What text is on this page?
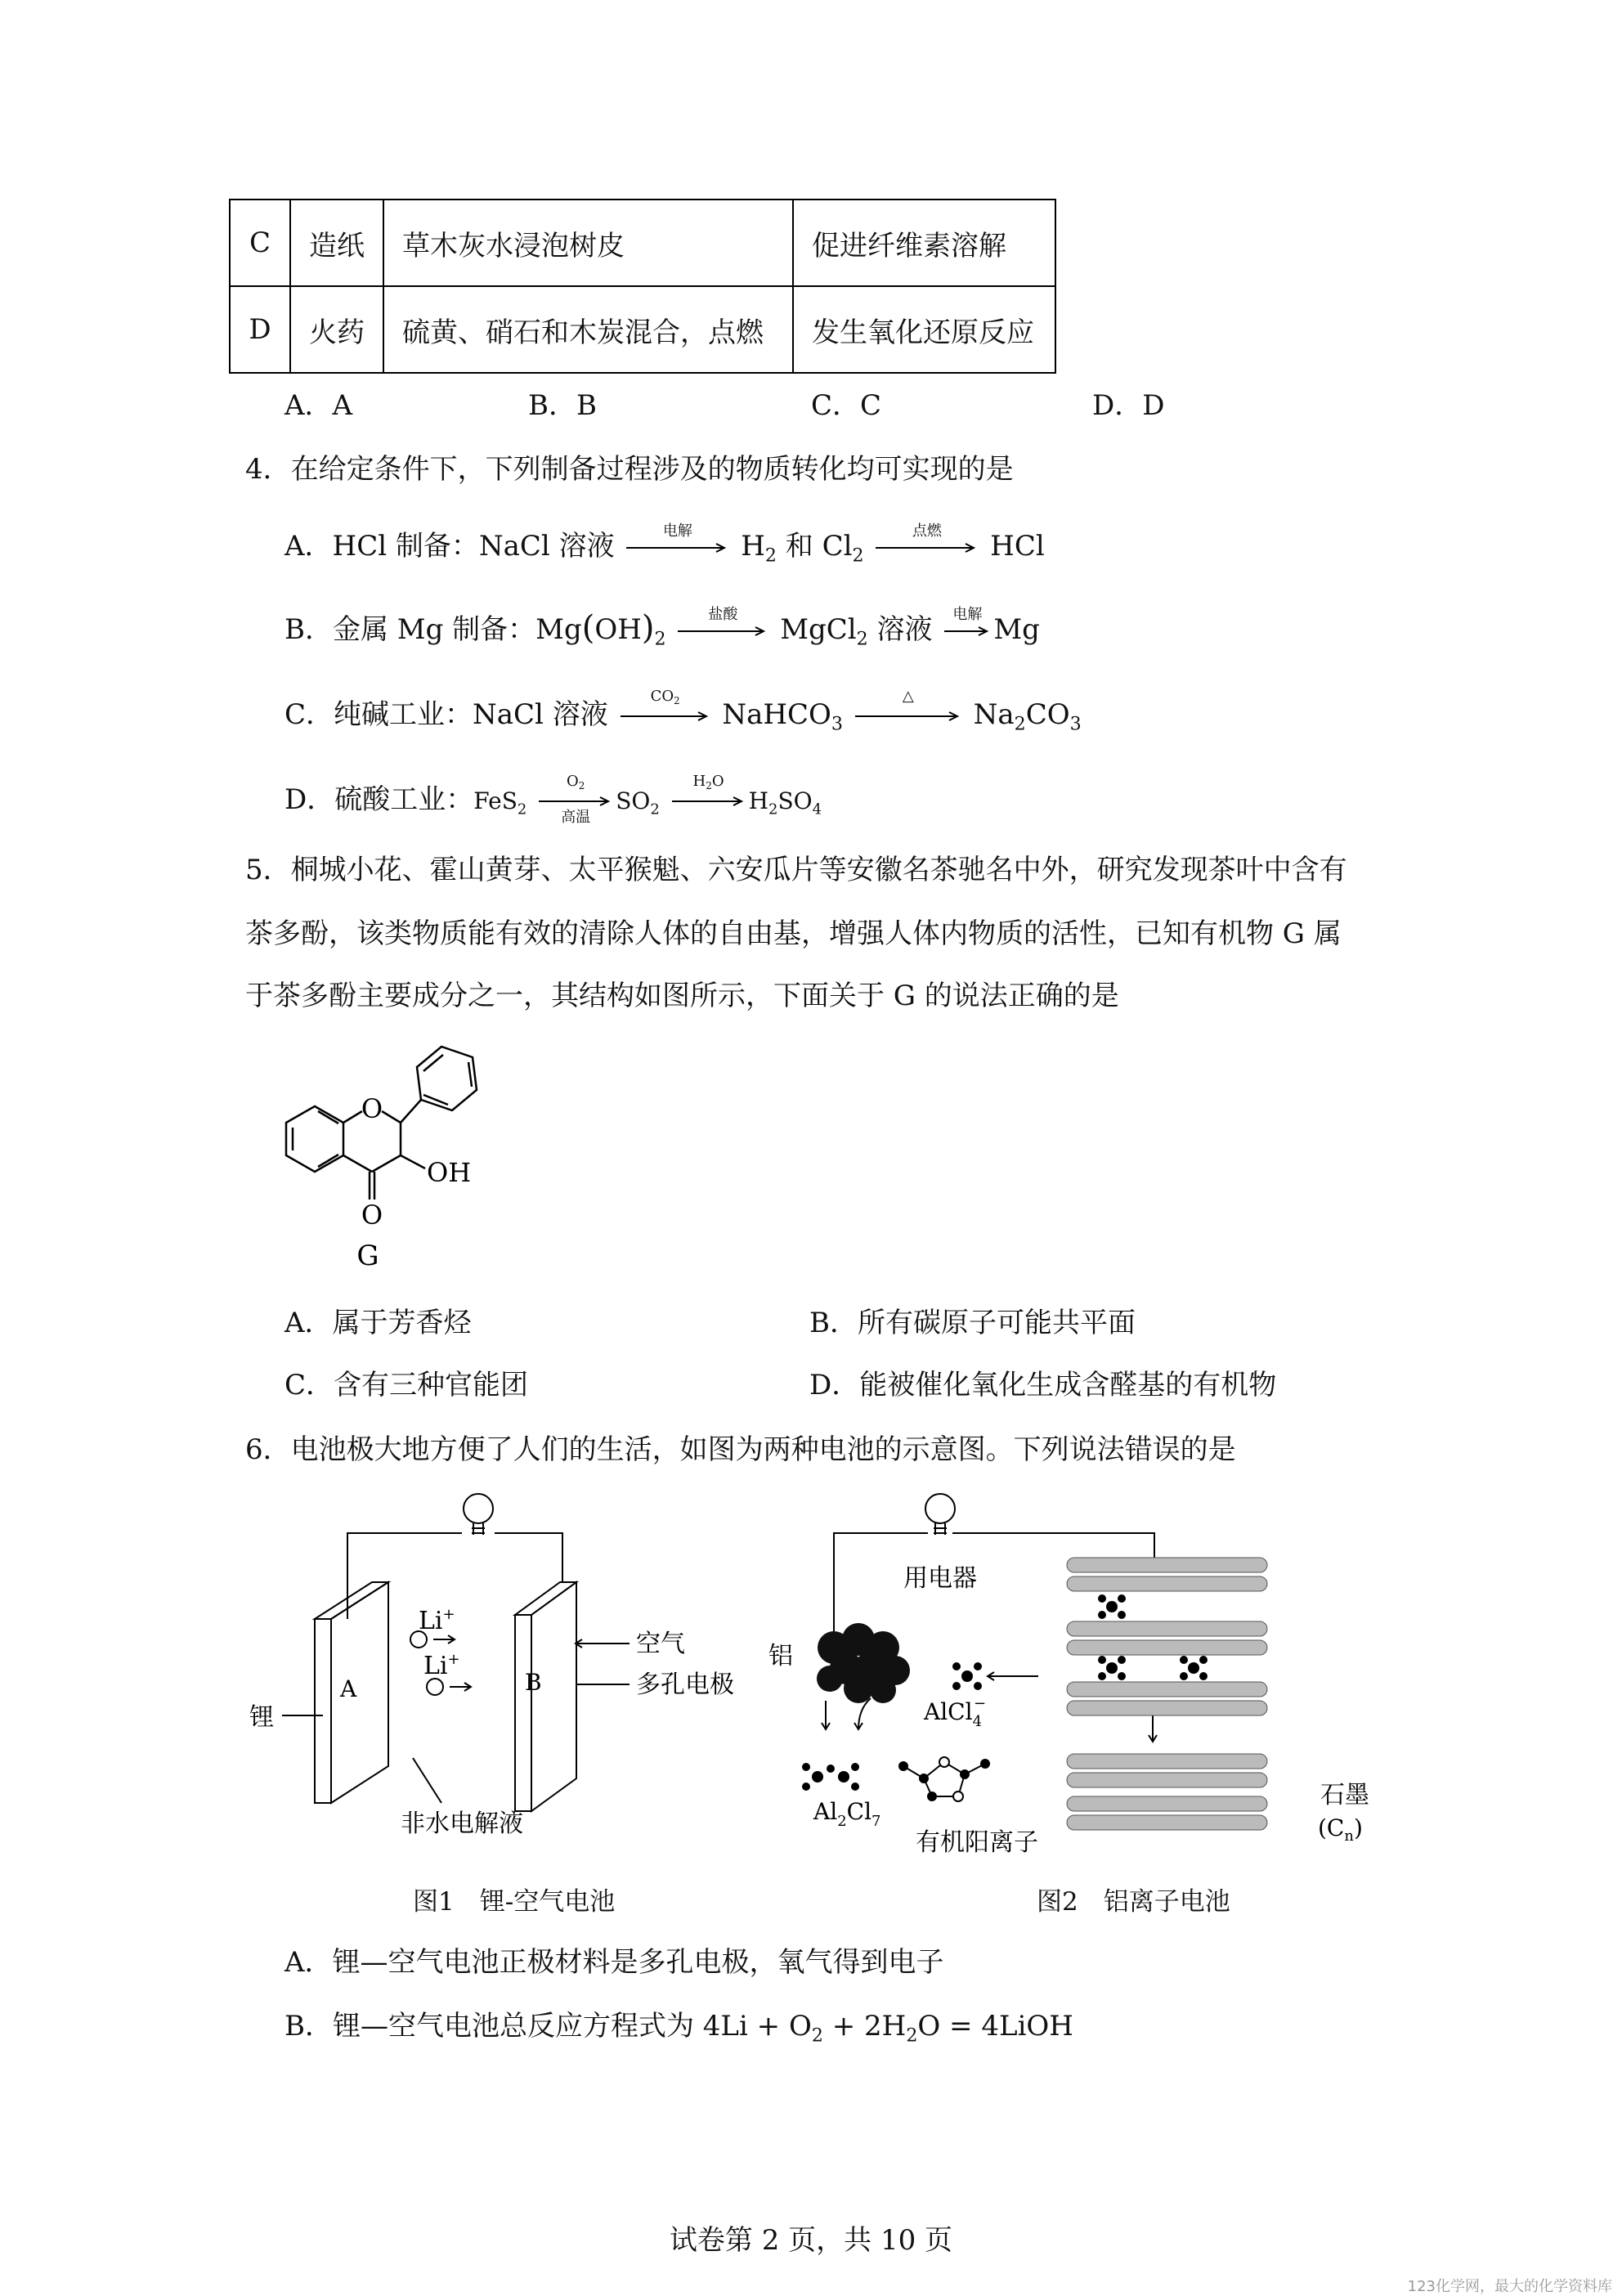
C	造纸	草木灰水浸泡树皮	促进纤维素溶解
D	火药	硫黄、硝石和木炭混合，点燃	发生氧化还原反应
A．A	B．B	C．C	D．D
4．在给定条件下，下列制备过程涉及的物质转化均可实现的是
A．HCl 制备：NaCl 溶液	电解	$H_2$ 和 $Cl_2$
点燃	HCl
B．金属 Mg 制备：$Mg(OH)_2$
盐酸	MgCl$_2$ 溶液	电解 Mg
C．纯碱工业：NaCl 溶液
$CO_2$	NaHCO$_3$
△
$Na_2CO_3$
D．硫酸工业：FeS$_2$
$O_2$
高温
$SO_2$
$H_2O$
$H_2SO_4$
5．桐城小花、霍山黄芽、太平猴魁、六安瓜片等安徽名茶驰名中外，研究发现茶叶中含有
茶多酚，该类物质能有效的清除人体的自由基，增强人体内物质的活性，已知有机物 G 属
于茶多酚主要成分之一，其结构如图所示，下面关于 G 的说法正确的是
O
OH
O
G
A．属于芳香烃	B．所有碳原子可能共平面
C．含有三种官能团	D．能被催化氧化生成含醛基的有机物
6．电池极大地方便了人们的生活，如图为两种电池的示意图。下列说法错误的是
Li+
Li+
A	B
锂
空气
多孔电极
非水电解液
图1　锂-空气电池
用电器
铝
AlCl$_4$−
$Al_2Cl_7$
有机阳离子
石墨
$(C_n)$
图2　铝离子电池
A．锂—空气电池正极材料是多孔电极，氧气得到电子
B．锂—空气电池总反应方程式为 $4Li + O_2 + 2H_2O$ = 4LiOH
试卷第 2 页，共 10 页
123化学网，最大的化学资料库
